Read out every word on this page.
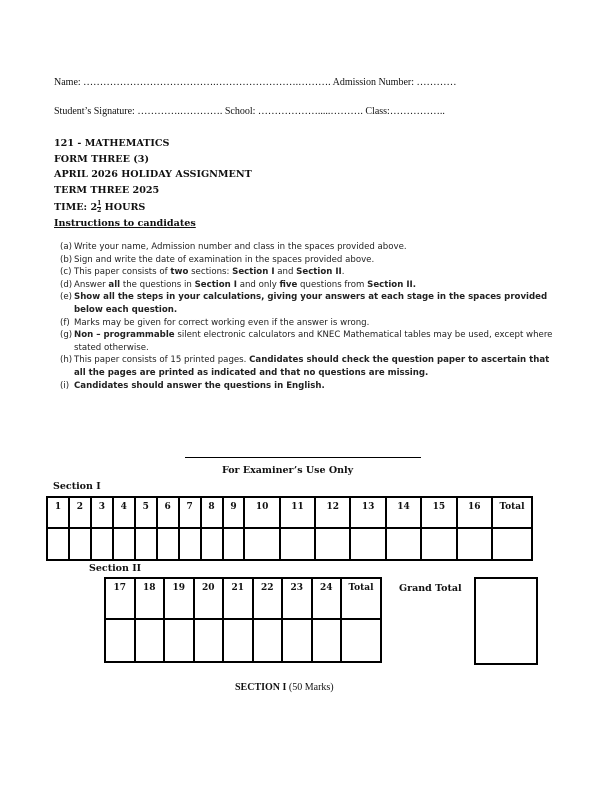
Name: ………………………………….…………………….………. Admission Number: …………
Student’s Signature: ………….…………. School: ……………….....………. Class:……………..
121 - MATHEMATICS
FORM THREE (3)
APRIL 2026 HOLIDAY ASSIGNMENT
TERM THREE 2025
TIME: $2 \frac{1}{2}$ HOURS
Instructions to candidates
(a) Write your name, Admission number and class in the spaces provided above.
(b) Sign and write the date of examination in the spaces provided above.
(c) This paper consists of two sections: Section I and Section II.
(d) Answer all the questions in Section I and only five questions from Section II.
(e) Show all the steps in your calculations, giving your answers at each stage in the spaces provided below each question.
(f) Marks may be given for correct working even if the answer is wrong.
(g) Non – programmable silent electronic calculators and KNEC Mathematical tables may be used, except where stated otherwise.
(h) This paper consists of 15 printed pages. Candidates should check the question paper to ascertain that all the pages are printed as indicated and that no questions are missing.
(i) Candidates should answer the questions in English.
For Examiner’s Use Only
Section I
1	2	3	4	5	6	7	8	9	10	11	12	13	14	15	16	Total

Section II
17	18	19	20	21	22	23	24	Total
									Grand Total
SECTION I (50 Marks)
